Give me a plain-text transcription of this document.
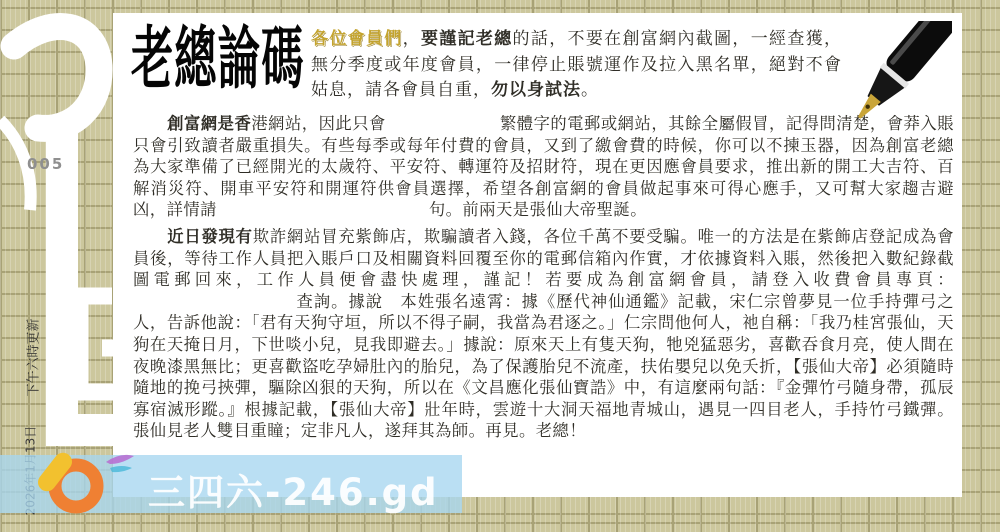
005
下午六時更新
老總論碼 各位會員們，要謹記老總的話，不要在創富網內截圖，一經查獲，無分季度或年度會員，一律停止賬號運作及拉入黑名單，絕對不會姑息，請各會員自重，勿以身試法。

創富網是香港網站，因此只會	繁體字的電郵或網站，其餘全屬假冒，記得問清楚，會莽入賬只會引致讀者嚴重損失。有些每季或每年付費的會員，又到了繳會費的時候，你可以不揀玉器，因為創富老總為大家準備了已經開光的太歲符、平安符、轉運符及招財符，現在更因應會員要求，推出新的開工大吉符、百解消災符、開車平安符和開運符供會員選擇，希望各創富網的會員做起事來可得心應手，又可幫大家趨吉避凶，詳情請	句。前兩天是張仙大帝聖誕。

近日發現有欺詐網站冒充紫飾店，欺騙讀者入錢，各位千萬不要受騙。唯一的方法是在紫飾店登記成為會員後，等待工作人員把入賬戶口及相關資料回覆至你的電郵信箱內作實，才依據資料入賬，然後把入數紀錄截圖電郵回來，工作人員便會盡快處理，謹記！若要成為創富網會員，請登入收費會員專頁：查詢。據說　本姓張名遠霄：據《歷代神仙通鑑》記載，宋仁宗曾夢見一位手持彈弓之人，告訴他說：「君有天狗守垣，所以不得子嗣，我當為君逐之。」仁宗問他何人，祂自稱：「我乃桂宮張仙，天狗在天掩日月，下世啖小兒，見我即避去。」據說：原來天上有隻天狗，牠兇猛惡劣，喜歡吞食月亮，使人間在夜晚漆黑無比；更喜歡盜吃孕婦肚內的胎兒，為了保護胎兒不流產，扶佑嬰兒以免夭折，【張仙大帝】必須隨時隨地的挽弓挾彈，驅除凶狠的天狗，所以在《文昌應化張仙寶誥》中，有這麼兩句話：『金彈竹弓隨身帶，孤辰寡宿滅形蹤。』根據記載，【張仙大帝】壯年時，雲遊十大洞天福地青城山，遇見一四目老人，手持竹弓鐵彈。張仙見老人雙目重瞳；定非凡人，遂拜其為師。再見。老總！

三四六-246.gd
